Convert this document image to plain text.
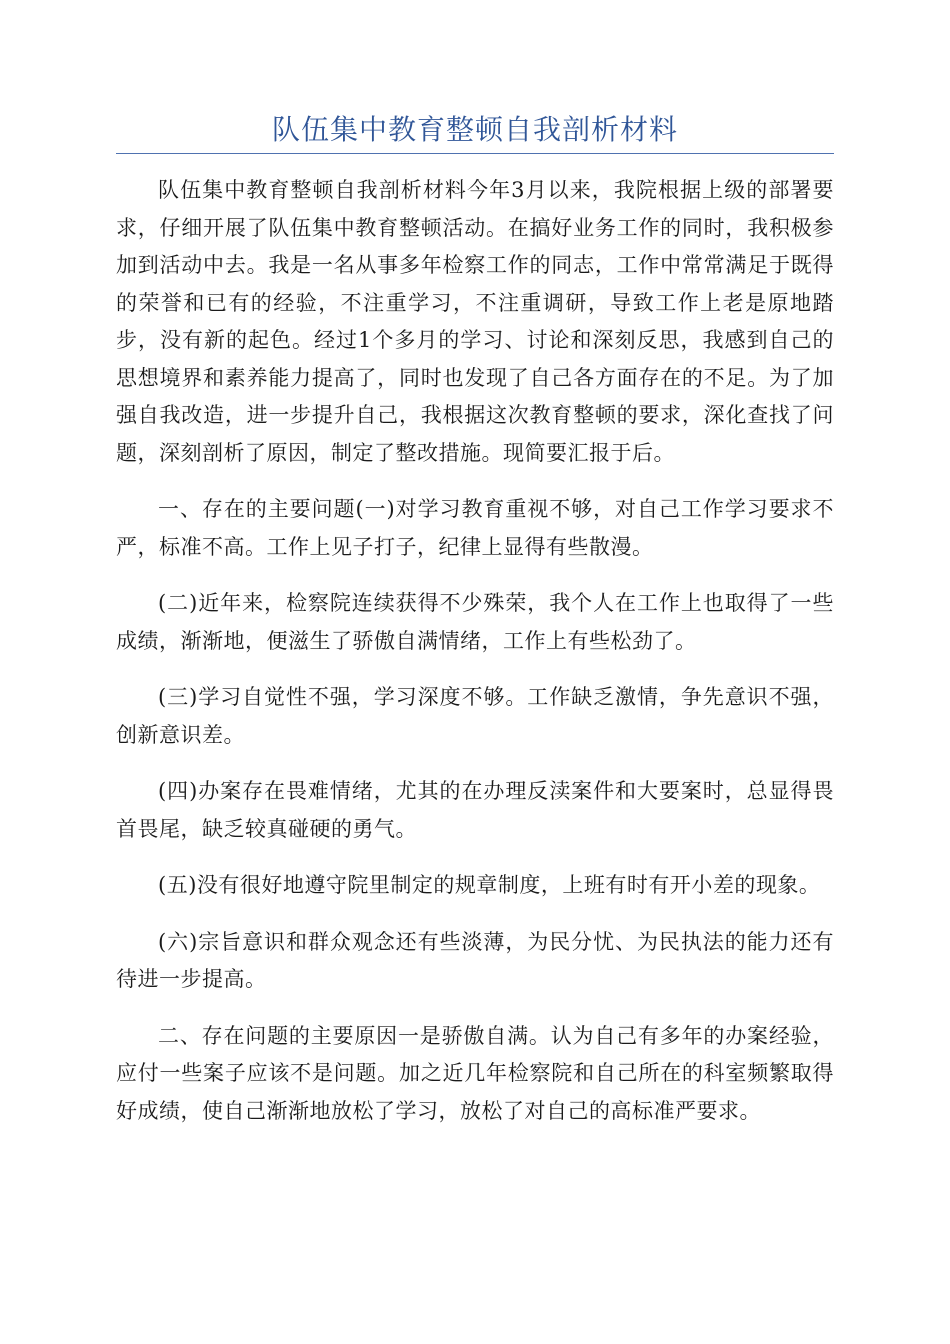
队伍集中教育整顿自我剖析材料

队伍集中教育整顿自我剖析材料今年3月以来，我院根据上级的部署要求，仔细开展了队伍集中教育整顿活动。在搞好业务工作的同时，我积极参加到活动中去。我是一名从事多年检察工作的同志，工作中常常满足于既得的荣誉和已有的经验，不注重学习，不注重调研，导致工作上老是原地踏步，没有新的起色。经过1个多月的学习、讨论和深刻反思，我感到自己的思想境界和素养能力提高了，同时也发现了自己各方面存在的不足。为了加强自我改造，进一步提升自己，我根据这次教育整顿的要求，深化查找了问题，深刻剖析了原因，制定了整改措施。现简要汇报于后。

一、存在的主要问题(一)对学习教育重视不够，对自己工作学习要求不严，标准不高。工作上见子打子，纪律上显得有些散漫。

(二)近年来，检察院连续获得不少殊荣，我个人在工作上也取得了一些成绩，渐渐地，便滋生了骄傲自满情绪，工作上有些松劲了。

(三)学习自觉性不强，学习深度不够。工作缺乏激情，争先意识不强，创新意识差。

(四)办案存在畏难情绪，尤其的在办理反渎案件和大要案时，总显得畏首畏尾，缺乏较真碰硬的勇气。

(五)没有很好地遵守院里制定的规章制度，上班有时有开小差的现象。

(六)宗旨意识和群众观念还有些淡薄，为民分忧、为民执法的能力还有待进一步提高。

二、存在问题的主要原因一是骄傲自满。认为自己有多年的办案经验，应付一些案子应该不是问题。加之近几年检察院和自己所在的科室频繁取得好成绩，使自己渐渐地放松了学习，放松了对自己的高标准严要求。
